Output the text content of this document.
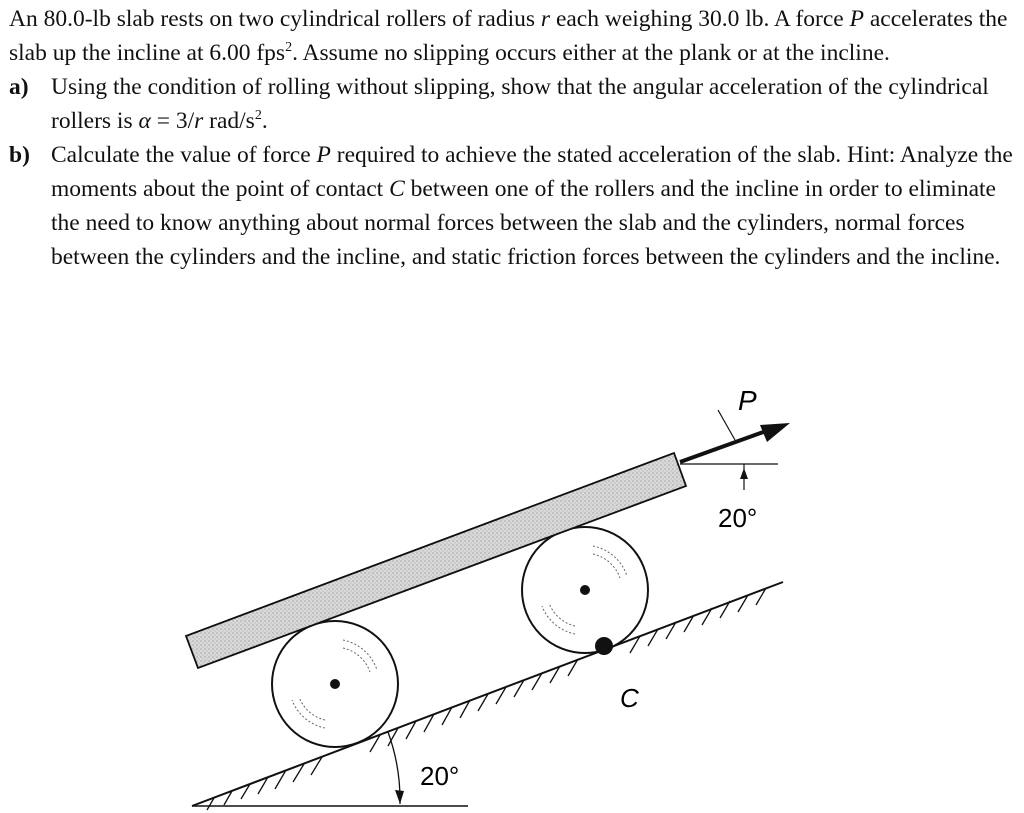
An 80.0-lb slab rests on two cylindrical rollers of radius r each weighing 30.0 lb. A force P accelerates the slab up the incline at 6.00 fps$^2$. Assume no slipping occurs either at the plank or at the incline.

a) Using the condition of rolling without slipping, show that the angular acceleration of the cylindrical rollers is α = 3/r rad/$s^2$.
b) Calculate the value of force P required to achieve the stated acceleration of the slab. Hint: Analyze the moments about the point of contact C between one of the rollers and the incline in order to eliminate the need to know anything about normal forces between the slab and the cylinders, normal forces between the cylinders and the incline, and static friction forces between the cylinders and the incline.
20°
C
P
20°
